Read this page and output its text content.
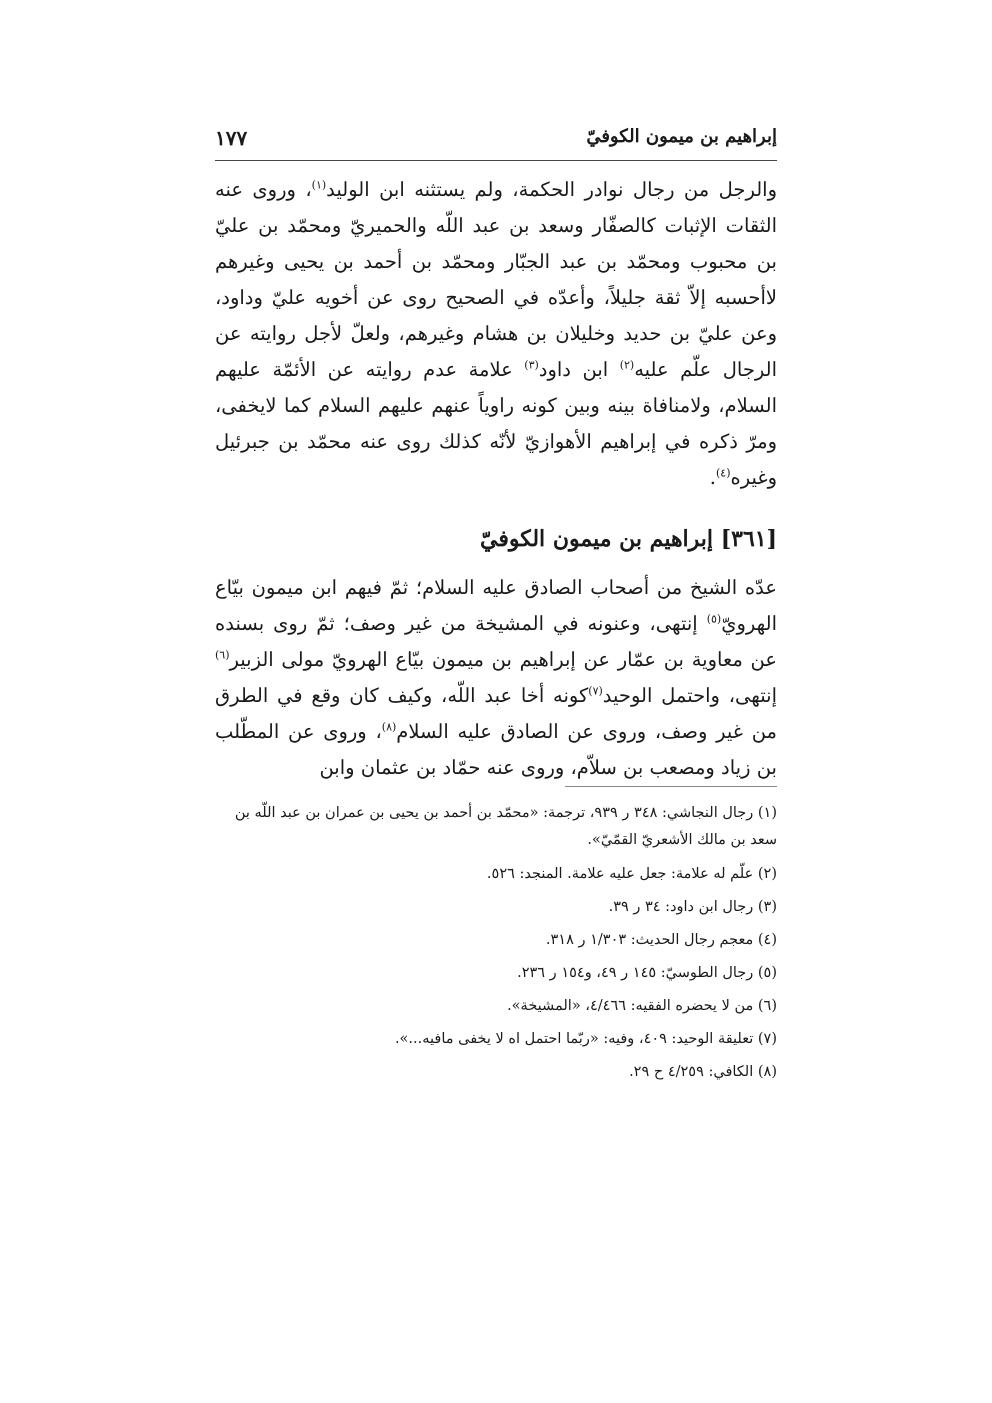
إبراهيم بن ميمون الكوفيّ
١٧٧

والرجل من رجال نوادر الحكمة، ولم يستثنه ابن الوليد$^{(١)}$، وروى عنه الثقات الإثبات كالصفّار وسعد بن عبد اللّه والحميريّ ومحمّد بن عليّ بن محبوب ومحمّد بن عبد الجبّار ومحمّد بن أحمد بن يحيى وغيرهم لاأحسبه إلاّ ثقة جليلاً، وأعدّه في الصحيح روى عن أخويه عليّ وداود، وعن عليّ بن حديد وخليلان بن هشام وغيرهم، ولعلّ لأجل روايته عن الرجال علّم عليه$^{(٢)}$ ابن داود$^{(٣)}$ علامة عدم روايته عن الأئمّة عليهم السلام، ولامنافاة بينه وبين كونه راوياً عنهم عليهم السلام كما لايخفى، ومرّ ذكره في إبراهيم الأهوازيّ لأنّه كذلك روى عنه محمّد بن جبرئيل وغيره$^{(٤)}$.

[٣٦١] إبراهيم بن ميمون الكوفيّ

عدّه الشيخ من أصحاب الصادق عليه السلام؛ ثمّ فيهم ابن ميمون بيّاع الهرويّ$^{(٥)}$ إنتهى، وعنونه في المشيخة من غير وصف؛ ثمّ روى بسنده عن معاوية بن عمّار عن إبراهيم بن ميمون بيّاع الهرويّ مولى الزبير$^{(٦)}$ إنتهى، واحتمل الوحيد$^{(٧)}$كونه أخا عبد اللّه، وكيف كان وقع في الطرق من غير وصف، وروى عن الصادق عليه السلام$^{(٨)}$، وروى عن المطّلب بن زياد ومصعب بن سلاّم، وروى عنه حمّاد بن عثمان وابن

(١) رجال النجاشي: ٣٤٨ ر ٩٣٩، ترجمة: «محمّد بن أحمد بن يحيى بن عمران بن عبد اللّه بن سعد بن مالك الأشعريّ القمّيّ».

(٢) علّم له علامة: جعل عليه علامة. المنجد: ٥٢٦.

(٣) رجال ابن داود: ٣٤ ر ٣٩.

(٤) معجم رجال الحديث: ١/٣٠٣ ر ٣١٨.

(٥) رجال الطوسيّ: ١٤٥ ر ٤٩، و١٥٤ ر ٢٣٦.

(٦) من لا يحضره الفقيه: ٤/٤٦٦، «المشيخة».

(٧) تعليقة الوحيد: ٤٠٩، وفيه: «ربّما احتمل اه لا يخفى مافيه...».

(٨) الكافي: ٤/٢٥٩ ح ٢٩.
